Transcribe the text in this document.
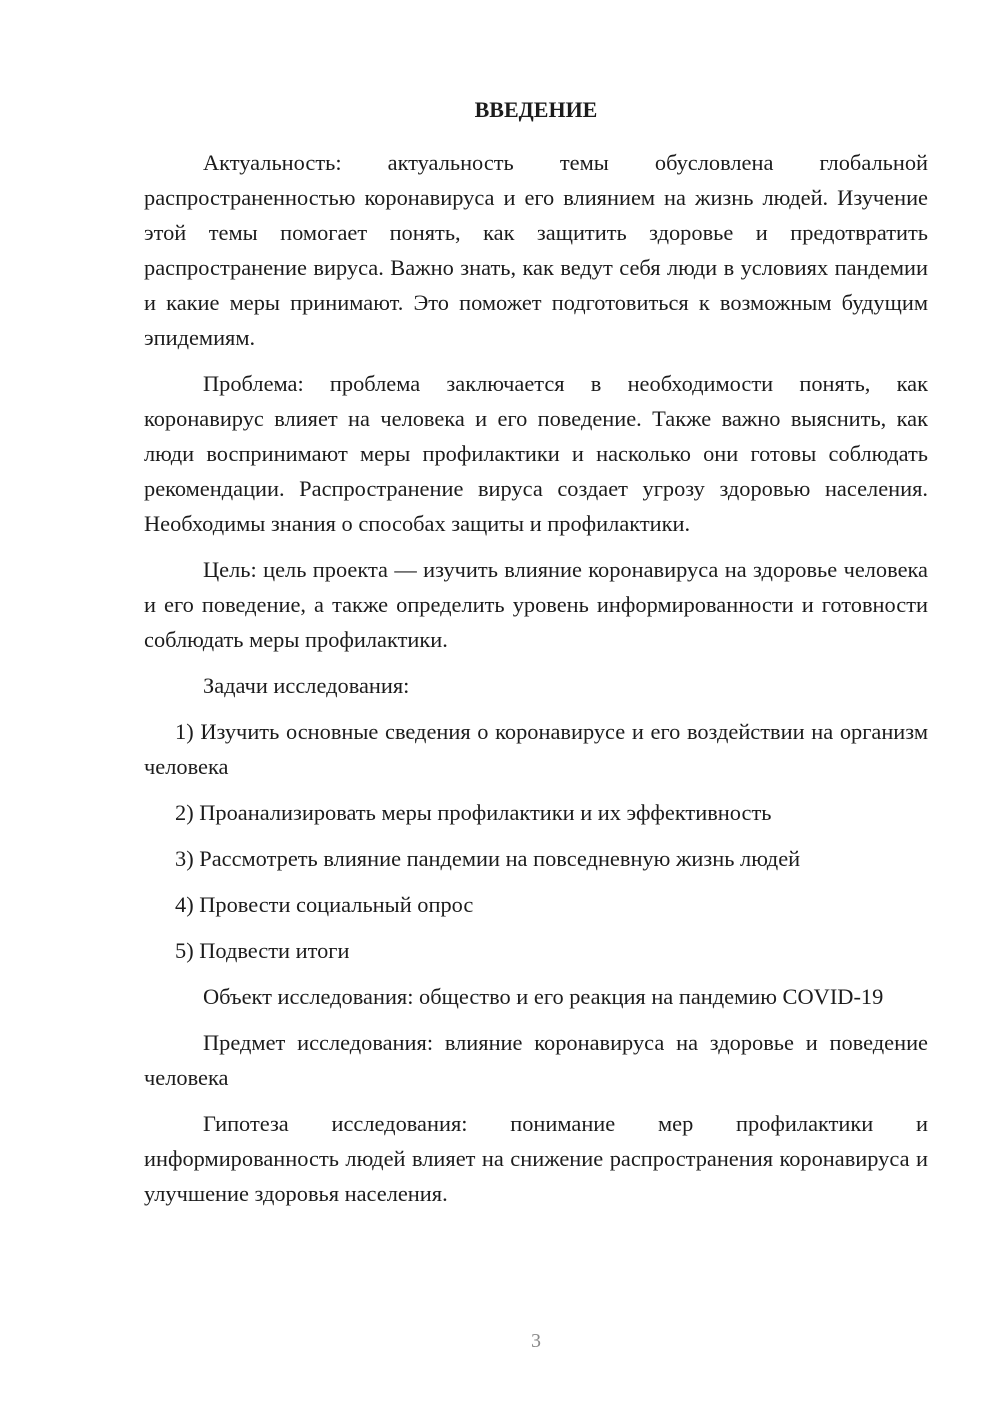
ВВЕДЕНИЕ

Актуальность: актуальность темы обусловлена глобальной распространенностью коронавируса и его влиянием на жизнь людей. Изучение этой темы помогает понять, как защитить здоровье и предотвратить распространение вируса. Важно знать, как ведут себя люди в условиях пандемии и какие меры принимают. Это поможет подготовиться к возможным будущим эпидемиям.

Проблема: проблема заключается в необходимости понять, как коронавирус влияет на человека и его поведение. Также важно выяснить, как люди воспринимают меры профилактики и насколько они готовы соблюдать рекомендации. Распространение вируса создает угрозу здоровью населения. Необходимы знания о способах защиты и профилактики.

Цель: цель проекта — изучить влияние коронавируса на здоровье человека и его поведение, а также определить уровень информированности и готовности соблюдать меры профилактики.

Задачи исследования:

1) Изучить основные сведения о коронавирусе и его воздействии на организм человека

2) Проанализировать меры профилактики и их эффективность

3) Рассмотреть влияние пандемии на повседневную жизнь людей

4) Провести социальный опрос

5) Подвести итоги

Объект исследования: общество и его реакция на пандемию COVID-19

Предмет исследования: влияние коронавируса на здоровье и поведение человека

Гипотеза исследования: понимание мер профилактики и информированность людей влияет на снижение распространения коронавируса и улучшение здоровья населения.

3
